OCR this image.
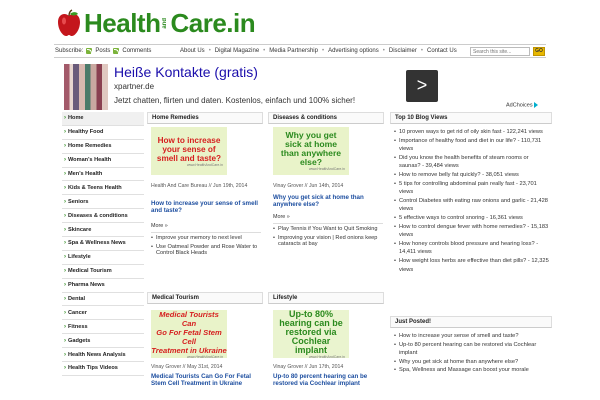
Health and Care.in
Subscribe: Posts Comments	About Us • Digital Magazine • Media Partnership • Advertising options • Disclaimer • Contact Us
Search this site...	GO
Heiße Kontakte (gratis)
xpartner.de
Jetzt chatten, flirten und daten. Kostenlos, einfach und 100% sicher!
>
AdChoices
› Home
› Healthy Food
› Home Remedies
› Woman's Health
› Men's Health
› Kids & Teens Health
› Seniors
› Diseases & conditions
› Skincare
› Spa & Wellness News
› Lifestyle
› Medical Tourism
› Pharma News
› Dental
› Cancer
› Fitness
› Gadgets
› Health News Analysis
› Health Tips Videos
Home Remedies
How to increase your sense of smell and taste?
www.HealthAndCare.in
Health And Care Bureau // Jun 19th, 2014
How to increase your sense of smell and taste?
More »
• Improve your memory to next level
• Use Oatmeal Powder and Rose Water to Control Black Heads
Diseases & conditions
Why you get sick at home than anywhere else?
www.HealthAndCare.in
Vinay Grover // Jun 14th, 2014
Why you get sick at home than anywhere else?
More »
• Play Tennis if You Want to Quit Smoking
• Improving your vision | Red onions keep cataracts at bay
Medical Tourism
Medical Tourists Can
Go For Fetal Stem Cell
Treatment in Ukraine
www.HealthAndCare.in
Vinay Grover // May 31st, 2014
Medical Tourists Can Go For Fetal Stem Cell Treatment in Ukraine
Lifestyle
Up-to 80% hearing can be restored via Cochlear implant
www.HealthAndCare.in
Vinay Grover // Jun 17th, 2014
Up-to 80 percent hearing can be restored via Cochlear implant
Top 10 Blog Views
• 10 proven ways to get rid of oily skin fast - 122,241 views
• Importance of healthy food and diet in our life? - 110,731 views
• Did you know the health benefits of steam rooms or saunas? - 39,484 views
• How to remove belly fat quickly? - 38,051 views
• 5 tips for controlling abdominal pain really fast - 23,701 views
• Control Diabetes with eating raw onions and garlic - 21,428 views
• 5 effective ways to control snoring - 16,361 views
• How to control dengue fever with home remedies? - 15,183 views
• How honey controls blood pressure and hearing loss? - 14,411 views
• How weight loss herbs are effective than diet pills? - 12,325 views
Just Posted!
• How to increase your sense of smell and taste?
• Up-to 80 percent hearing can be restored via Cochlear implant
• Why you get sick at home than anywhere else?
• Spa, Wellness and Massage can boost your morale
